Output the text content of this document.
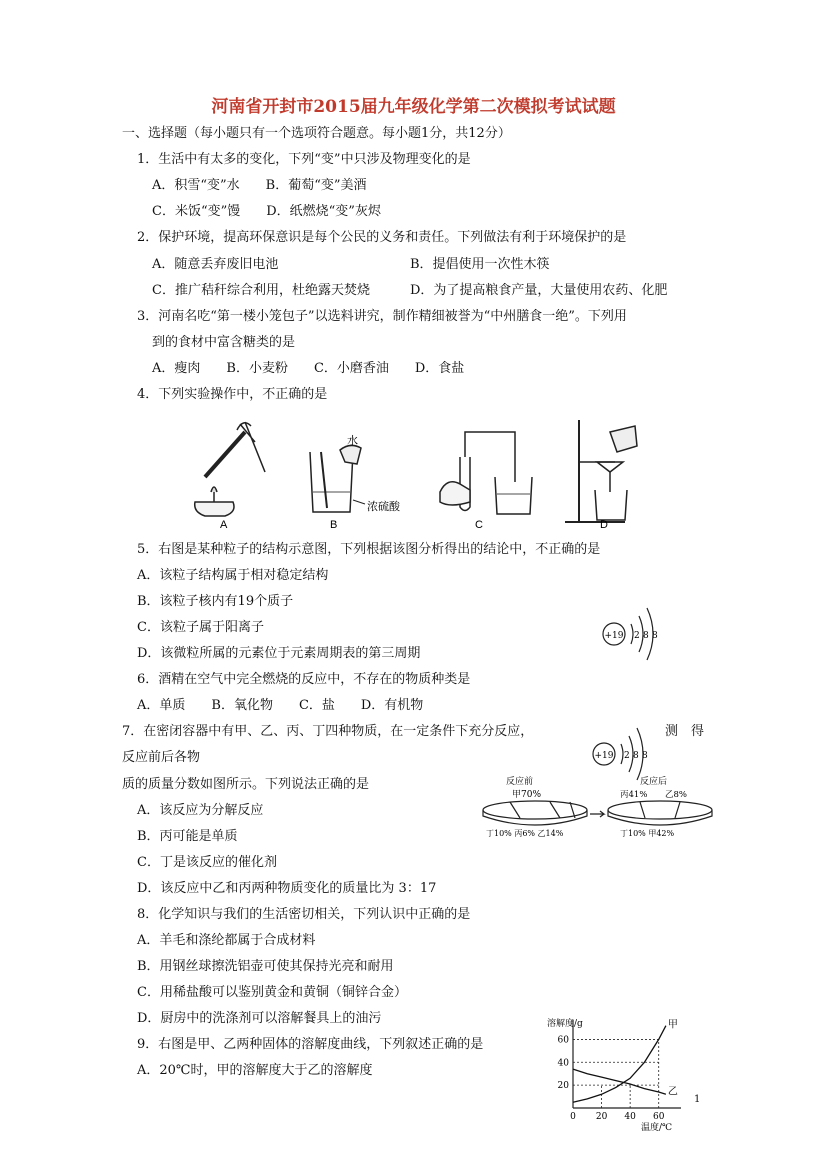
河南省开封市2015届九年级化学第二次模拟考试试题
一、选择题（每小题只有一个选项符合题意。每小题1分，共12分）
1．生活中有太多的变化，下列“变”中只涉及物理变化的是
A．积雪“变”水　　B．葡萄“变”美酒
C．米饭“变”馒　　D．纸燃烧“变”灰烬
2．保护环境，提高环保意识是每个公民的义务和责任。下列做法有利于环境保护的是
A．随意丢弃废旧电池	B．提倡使用一次性木筷
C．推广秸秆综合利用，杜绝露天焚烧	D．为了提高粮食产量，大量使用农药、化肥
3．河南名吃“第一楼小笼包子”以选料讲究，制作精细被誉为“中州膳食一绝”。下列用
到的食材中富含糖类的是
A．瘦肉　　B．小麦粉　　C．小磨香油　　D．食盐
4．下列实验操作中，不正确的是
A	B	C	D
水
浓硫酸
5．右图是某种粒子的结构示意图，下列根据该图分析得出的结论中，不正确的是
A．该粒子结构属于相对稳定结构
B．该粒子核内有19个质子
C．该粒子属于阳离子
D．该微粒所属的元素位于元素周期表的第三周期
+19 2 8 8
6．酒精在空气中完全燃烧的反应中，不存在的物质种类是
A．单质　　B．氧化物　　C．盐　　D．有机物
7．在密闭容器中有甲、乙、丙、丁四种物质，在一定条件下充分反应，	测　得
反应前后各物
质的质量分数如图所示。下列说法正确的是
A．该反应为分解反应
B．丙可能是单质
C．丁是该反应的催化剂
D．该反应中乙和丙两种物质变化的质量比为 3：17
+19 2 8 8
反应前
甲70%
丁10% 丙6% 乙14%
反应后
丙41% 乙8%
丁10% 甲42%
8．化学知识与我们的生活密切相关，下列认识中正确的是
A．羊毛和涤纶都属于合成材料
B．用钢丝球擦洗铝壶可使其保持光亮和耐用
C．用稀盐酸可以鉴别黄金和黄铜（铜锌合金）
D．厨房中的洗涤剂可以溶解餐具上的油污
9．右图是甲、乙两种固体的溶解度曲线，下列叙述正确的是
A．20℃时，甲的溶解度大于乙的溶解度
0 20 40 60
20
40
60
甲
乙
溶解度/g
温度/℃
1
